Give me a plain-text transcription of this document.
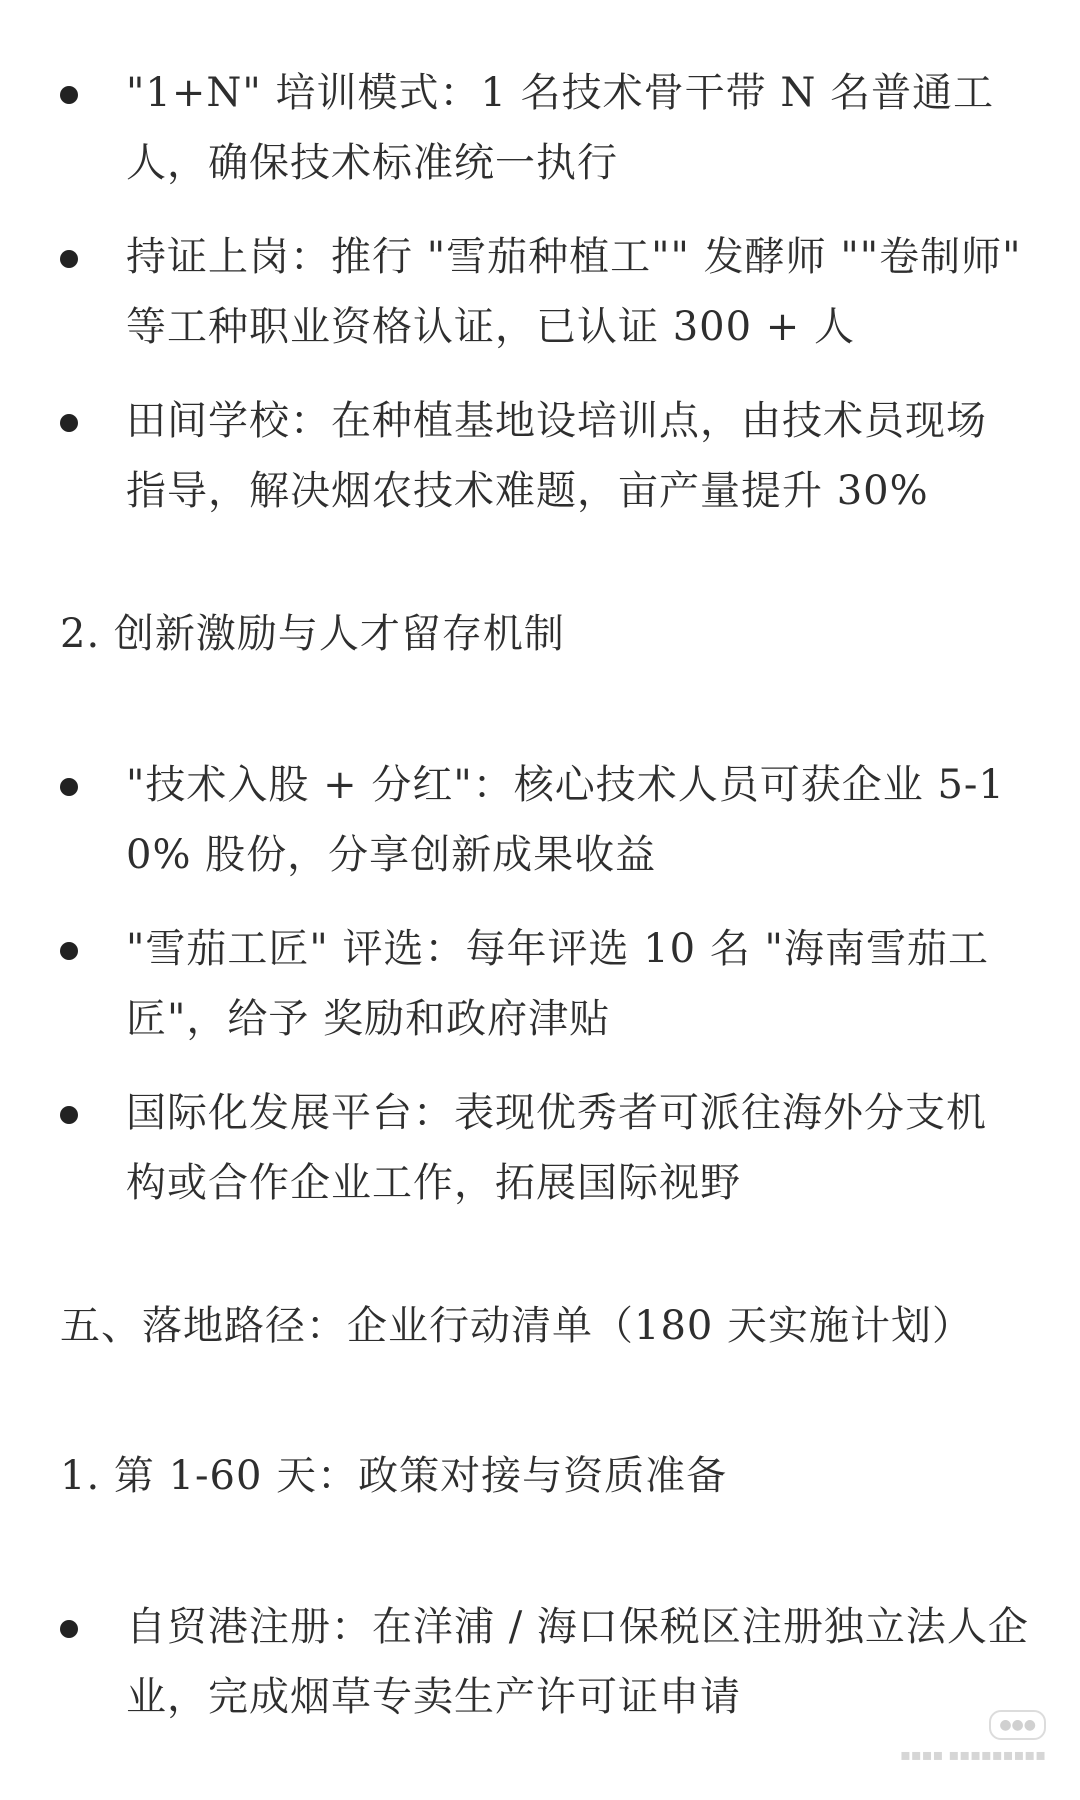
"1+N" 培训模式：1 名技术骨干带 N 名普通工
人，确保技术标准统一执行
持证上岗：推行 "雪茄种植工"" 发酵师 ""卷制师"
等工种职业资格认证，已认证 300 + 人
田间学校：在种植基地设培训点，由技术员现场
指导，解决烟农技术难题，亩产量提升 30%
2. 创新激励与人才留存机制
"技术入股 + 分红"：核心技术人员可获企业 5-1
0% 股份，分享创新成果收益
"雪茄工匠" 评选：每年评选 10 名 "海南雪茄工
匠"，给予 奖励和政府津贴
国际化发展平台：表现优秀者可派往海外分支机
构或合作企业工作，拓展国际视野
五、落地路径：企业行动清单（180 天实施计划）
1. 第 1-60 天：政策对接与资质准备
自贸港注册：在洋浦 / 海口保税区注册独立法人企
业，完成烟草专卖生产许可证申请
●●●
▪▪▪▪ ▪▪▪▪▪▪▪▪▪
